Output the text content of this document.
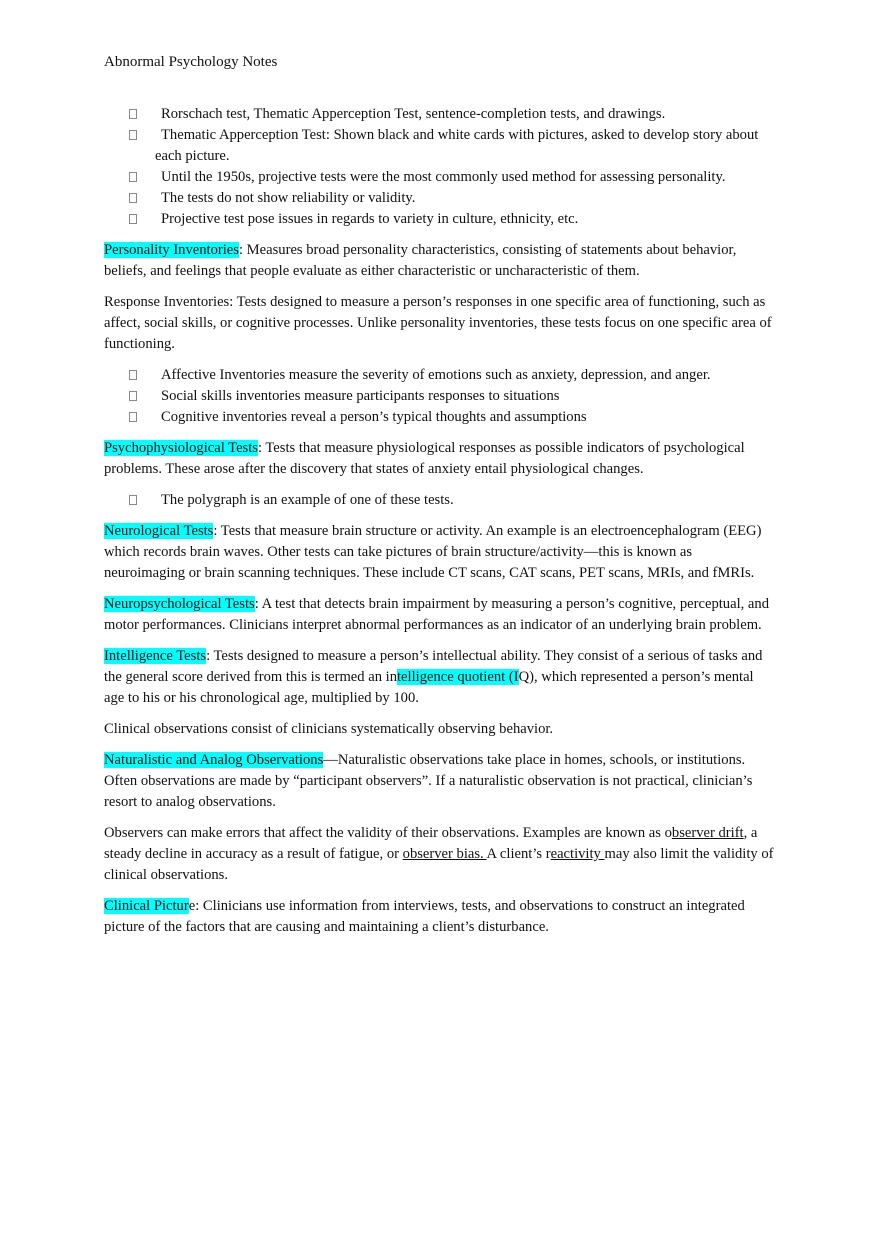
Abnormal Psychology Notes
Rorschach test, Thematic Apperception Test, sentence-completion tests, and drawings.
Thematic Apperception Test: Shown black and white cards with pictures, asked to develop story about each picture.
Until the 1950s, projective tests were the most commonly used method for assessing personality.
The tests do not show reliability or validity.
Projective test pose issues in regards to variety in culture, ethnicity, etc.

Personality Inventories: Measures broad personality characteristics, consisting of statements about behavior, beliefs, and feelings that people evaluate as either characteristic or uncharacteristic of them.

Response Inventories: Tests designed to measure a person’s responses in one specific area of functioning, such as affect, social skills, or cognitive processes. Unlike personality inventories, these tests focus on one specific area of functioning.

Affective Inventories measure the severity of emotions such as anxiety, depression, and anger.
Social skills inventories measure participants responses to situations
Cognitive inventories reveal a person’s typical thoughts and assumptions

Psychophysiological Tests: Tests that measure physiological responses as possible indicators of psychological problems. These arose after the discovery that states of anxiety entail physiological changes.

The polygraph is an example of one of these tests.

Neurological Tests: Tests that measure brain structure or activity. An example is an electroencephalogram (EEG) which records brain waves. Other tests can take pictures of brain structure/activity—this is known as neuroimaging or brain scanning techniques. These include CT scans, CAT scans, PET scans, MRIs, and fMRIs.

Neuropsychological Tests: A test that detects brain impairment by measuring a person’s cognitive, perceptual, and motor performances. Clinicians interpret abnormal performances as an indicator of an underlying brain problem.

Intelligence Tests: Tests designed to measure a person’s intellectual ability. They consist of a serious of tasks and the general score derived from this is termed an intelligence quotient (IQ), which represented a person’s mental age to his or his chronological age, multiplied by 100.

Clinical observations consist of clinicians systematically observing behavior.

Naturalistic and Analog Observations—Naturalistic observations take place in homes, schools, or institutions. Often observations are made by “participant observers”. If a naturalistic observation is not practical, clinician’s resort to analog observations.

Observers can make errors that affect the validity of their observations. Examples are known as observer drift, a steady decline in accuracy as a result of fatigue, or observer bias. A client’s reactivity may also limit the validity of clinical observations.

Clinical Picture: Clinicians use information from interviews, tests, and observations to construct an integrated picture of the factors that are causing and maintaining a client’s disturbance.
